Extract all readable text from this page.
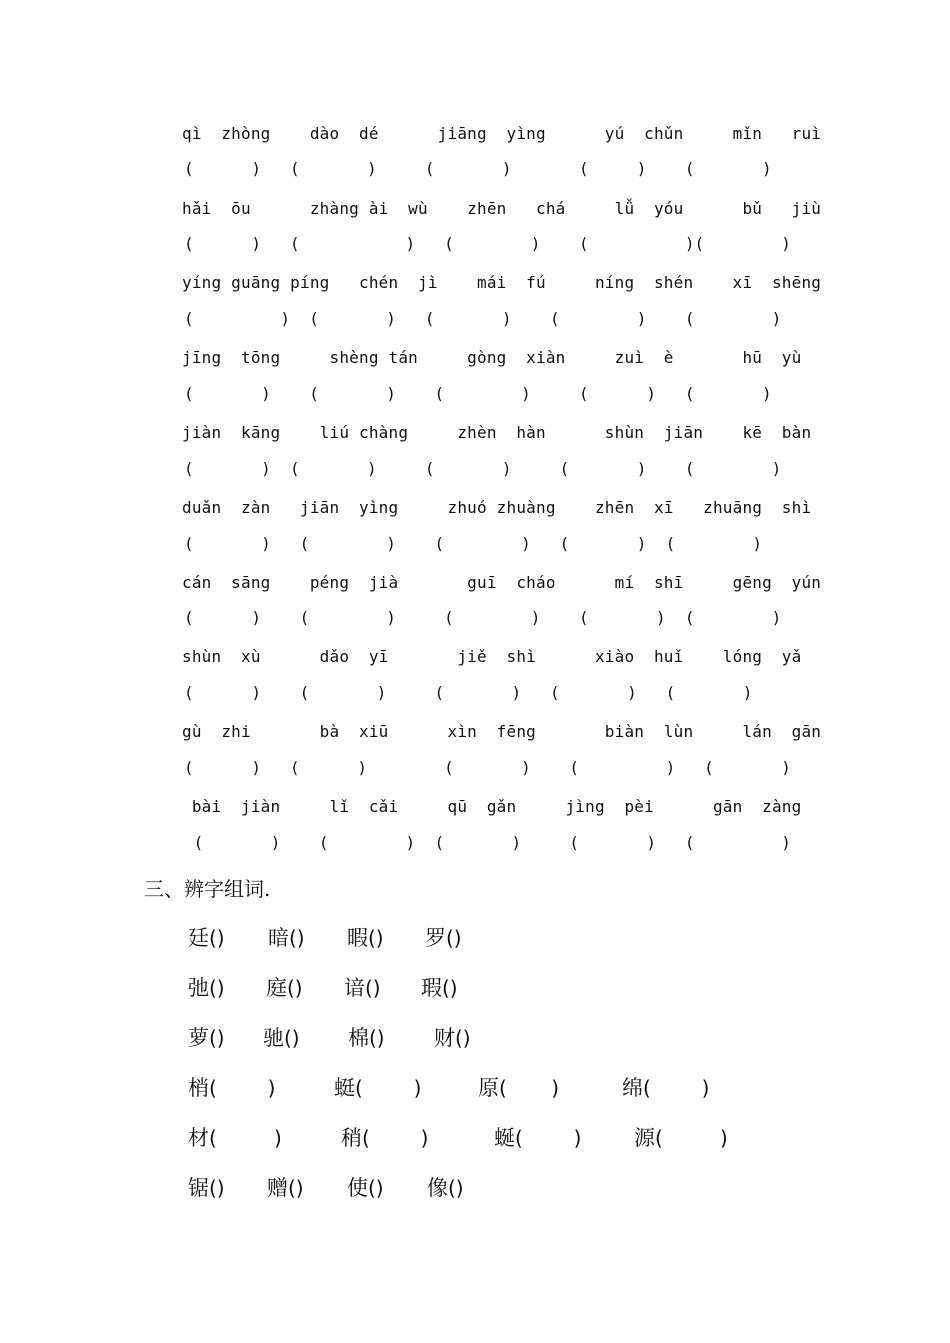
qì  zhòng    dào  dé      jiāng  yìng      yú  chǔn     mǐn   ruì
(      )   (       )     (       )       (     )    (       )
hǎi  ōu      zhàng ài  wù    zhēn   chá     lǚ  yóu      bǔ   jiù
(      )   (           )   (        )    (          )(        )
yíng guāng píng   chén  jì    mái  fú     níng  shén    xī  shēng
(         )  (       )   (       )    (        )    (        )
jīng  tōng     shèng tán     gòng  xiàn     zuì  è       hū  yù
(       )    (       )    (        )     (      )   (       )
jiàn  kāng    liú chàng     zhèn  hàn      shùn  jiān    kē  bàn
(       )  (       )     (       )     (       )    (        )
duǎn  zàn   jiān  yìng     zhuó zhuàng    zhēn  xī   zhuāng  shì
(       )   (        )    (        )   (       )  (        )
cán  sāng    péng  jià       guī  cháo      mí  shī     gēng  yún
(      )    (        )     (        )    (       )  (        )
shùn  xù      dǎo  yī       jiě  shì      xiào  huǐ    lóng  yǎ
(      )    (       )     (       )   (       )   (       )
gù  zhi       bà  xiū      xìn  fēng       biàn  lùn     lán  gān
(      )   (      )        (       )    (         )   (       )
bài  jiàn     lǐ  cǎi     qū  gǎn     jìng  pèi      gān  zàng
(       )    (        )  (       )     (       )   (         )
三、辨字组词.
廷() 暗() 暇() 罗()
弛() 庭() 谙() 瑕()
萝() 驰() 棉() 财()
梢(        )	蜓(        )	原(       )	绵(        )
材(         )	稍(        )	蜒(        )	源(         )
锯() 赠() 使() 像()
